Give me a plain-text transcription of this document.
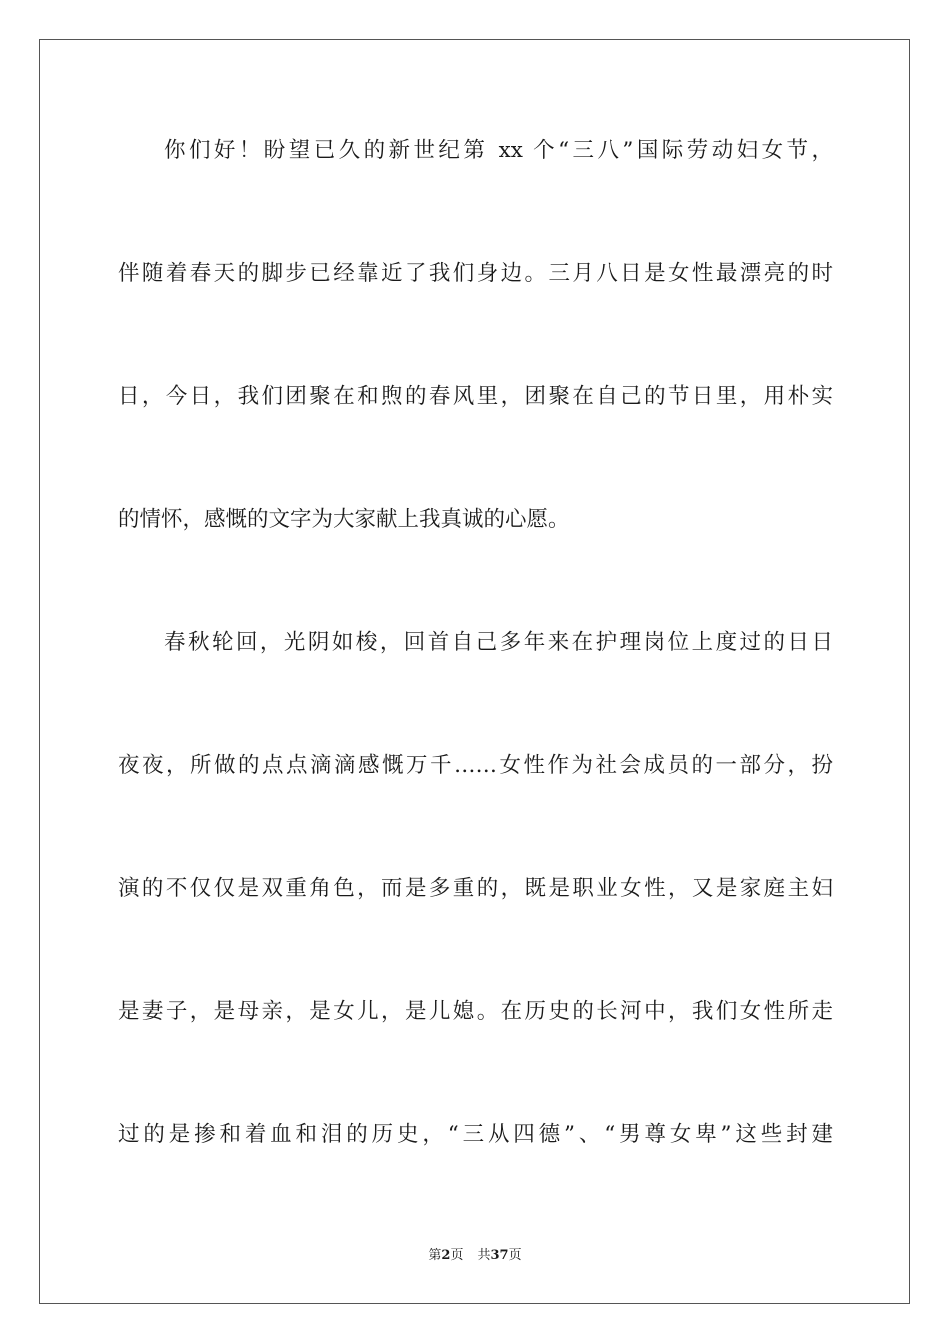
你们好！盼望已久的新世纪第 xx 个“三八”国际劳动妇女节，
伴随着春天的脚步已经靠近了我们身边。三月八日是女性最漂亮的时
日，今日，我们团聚在和煦的春风里，团聚在自己的节日里，用朴实
的情怀，感慨的文字为大家献上我真诚的心愿。
春秋轮回，光阴如梭，回首自己多年来在护理岗位上度过的日日
夜夜，所做的点点滴滴感慨万千……女性作为社会成员的一部分，扮
演的不仅仅是双重角色，而是多重的，既是职业女性，又是家庭主妇
是妻子，是母亲，是女儿，是儿媳。在历史的长河中，我们女性所走
过的是掺和着血和泪的历史，“三从四德”、“男尊女卑”这些封建
第2页 共37页
